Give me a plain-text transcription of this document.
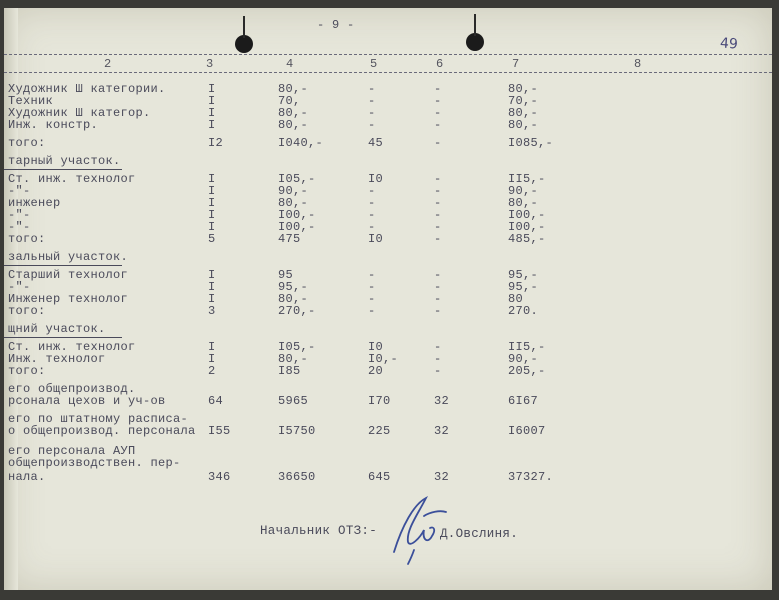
- 9 -
49
2	3	4	5	6	7	8
Художник Ш категории.	I	80,-	-	-	80,-
Техник	I	70,	-	-	70,-
Художник Ш категор.	I	80,-	-	-	80,-
Инж. констр.	I	80,-	-	-	80,-
того:	I2	I040,-	45	-	I085,-
тарный участок.
Ст. инж. технолог	I	I05,-	I0	-	II5,-
-"-	I	90,-	-	-	90,-
инженер	I	80,-	-	-	80,-
-"-	I	I00,-	-	-	I00,-
-"-	I	I00,-	-	-	I00,-
того:	5	475	I0	-	485,-
зальный участок.
Старший технолог	I	95	-	-	95,-
-"-	I	95,-	-	-	95,-
Инженер технолог	I	80,-	-	-	80
того:	3	270,-	-	-	270.
щний участок.
Ст. инж. технолог	I	I05,-	I0	-	II5,-
Инж. технолог	I	80,-	I0,-	-	90,-
того:	2	I85	20	-	205,-
его общепроизвод.
рсонала цехов и уч-ов	64	5965	I70	32	6I67
его по штатному расписа-
о общепроизвод. персонала I55	I5750	225	32	I6007
его персонала АУП
общепроизводствен. пер-
нала.	346	36650	645	32	37327.
Начальник ОТЗ:-	Д.Овслиня.
